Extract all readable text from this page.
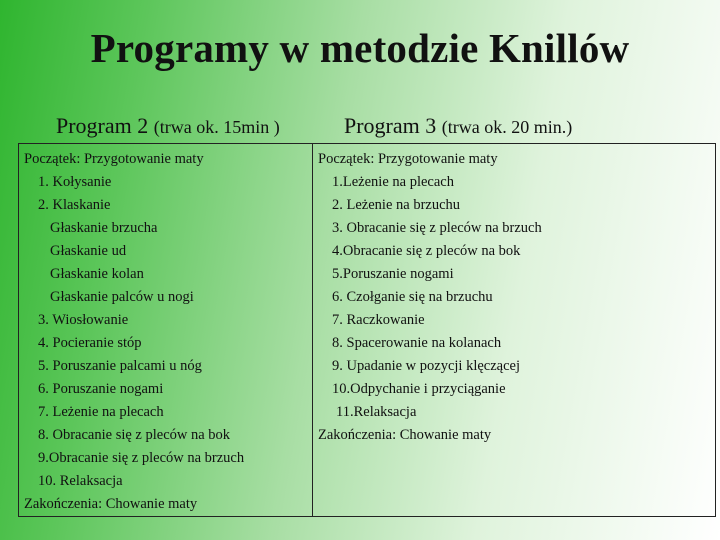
Programy w metodzie Knillów
Program 2 (trwa ok. 15min )	Program 3 (trwa ok. 20 min.)
Początek: Przygotowanie maty
1. Kołysanie
2. Klaskanie
Głaskanie brzucha
Głaskanie ud
Głaskanie kolan
Głaskanie palców u nogi
3. Wiosłowanie
4. Pocieranie stóp
5. Poruszanie palcami u nóg
6. Poruszanie nogami
7. Leżenie na plecach
8. Obracanie się z pleców na bok
9.Obracanie się z pleców na brzuch
10. Relaksacja
Zakończenia: Chowanie maty
Początek: Przygotowanie maty
1.Leżenie na plecach
2. Leżenie na brzuchu
3. Obracanie się z pleców na brzuch
4.Obracanie się z pleców na bok
5.Poruszanie nogami
6. Czołganie się na brzuchu
7. Raczkowanie
8. Spacerowanie na kolanach
9. Upadanie w pozycji klęczącej
10.Odpychanie i przyciąganie
11.Relaksacja
Zakończenia: Chowanie maty
